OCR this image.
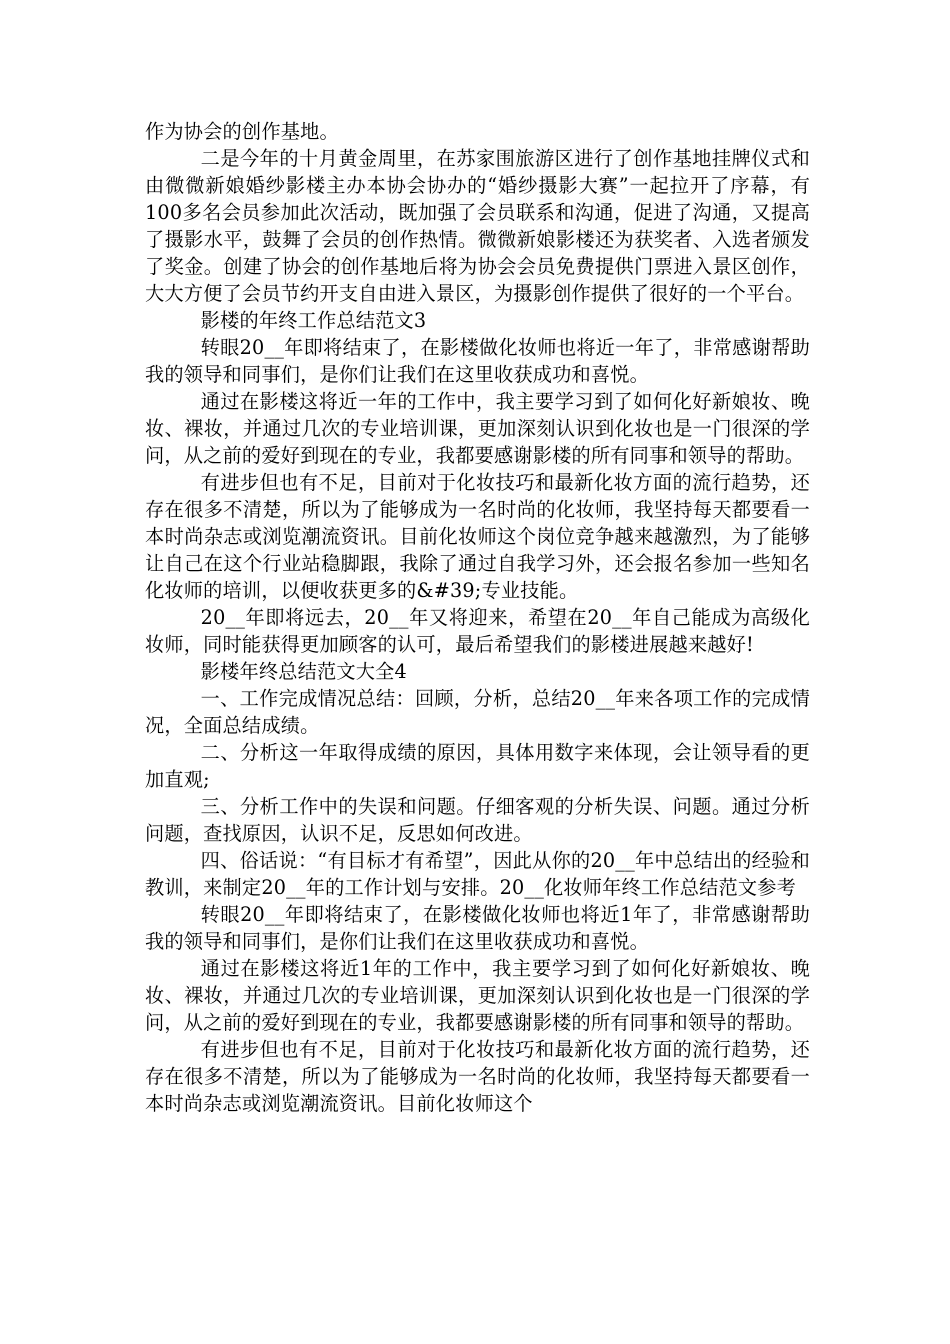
作为协会的创作基地。

二是今年的十月黄金周里，在苏家围旅游区进行了创作基地挂牌仪式和由微微新娘婚纱影楼主办本协会协办的“婚纱摄影大赛”一起拉开了序幕，有100多名会员参加此次活动，既加强了会员联系和沟通，促进了沟通，又提高了摄影水平，鼓舞了会员的创作热情。微微新娘影楼还为获奖者、入选者颁发了奖金。创建了协会的创作基地后将为协会会员免费提供门票进入景区创作，大大方便了会员节约开支自由进入景区，为摄影创作提供了很好的一个平台。

影楼的年终工作总结范文3

转眼20__年即将结束了，在影楼做化妆师也将近一年了，非常感谢帮助我的领导和同事们，是你们让我们在这里收获成功和喜悦。

通过在影楼这将近一年的工作中，我主要学习到了如何化好新娘妆、晚妆、裸妆，并通过几次的专业培训课，更加深刻认识到化妆也是一门很深的学问，从之前的爱好到现在的专业，我都要感谢影楼的所有同事和领导的帮助。

有进步但也有不足，目前对于化妆技巧和最新化妆方面的流行趋势，还存在很多不清楚，所以为了能够成为一名时尚的化妆师，我坚持每天都要看一本时尚杂志或浏览潮流资讯。目前化妆师这个岗位竞争越来越激烈，为了能够让自己在这个行业站稳脚跟，我除了通过自我学习外，还会报名参加一些知名化妆师的培训，以便收获更多的&#39;专业技能。

20__年即将远去，20__年又将迎来，希望在20__年自己能成为高级化妆师，同时能获得更加顾客的认可，最后希望我们的影楼进展越来越好!

影楼年终总结范文大全4

一、工作完成情况总结：回顾，分析，总结20__年来各项工作的完成情况，全面总结成绩。

二、分析这一年取得成绩的原因，具体用数字来体现，会让领导看的更加直观;

三、分析工作中的失误和问题。仔细客观的分析失误、问题。通过分析问题，查找原因，认识不足，反思如何改进。

四、俗话说：“有目标才有希望”，因此从你的20__年中总结出的经验和教训，来制定20__年的工作计划与安排。20__化妆师年终工作总结范文参考

转眼20__年即将结束了，在影楼做化妆师也将近1年了，非常感谢帮助我的领导和同事们，是你们让我们在这里收获成功和喜悦。

通过在影楼这将近1年的工作中，我主要学习到了如何化好新娘妆、晚妆、裸妆，并通过几次的专业培训课，更加深刻认识到化妆也是一门很深的学问，从之前的爱好到现在的专业，我都要感谢影楼的所有同事和领导的帮助。

有进步但也有不足，目前对于化妆技巧和最新化妆方面的流行趋势，还存在很多不清楚，所以为了能够成为一名时尚的化妆师，我坚持每天都要看一本时尚杂志或浏览潮流资讯。目前化妆师这个
